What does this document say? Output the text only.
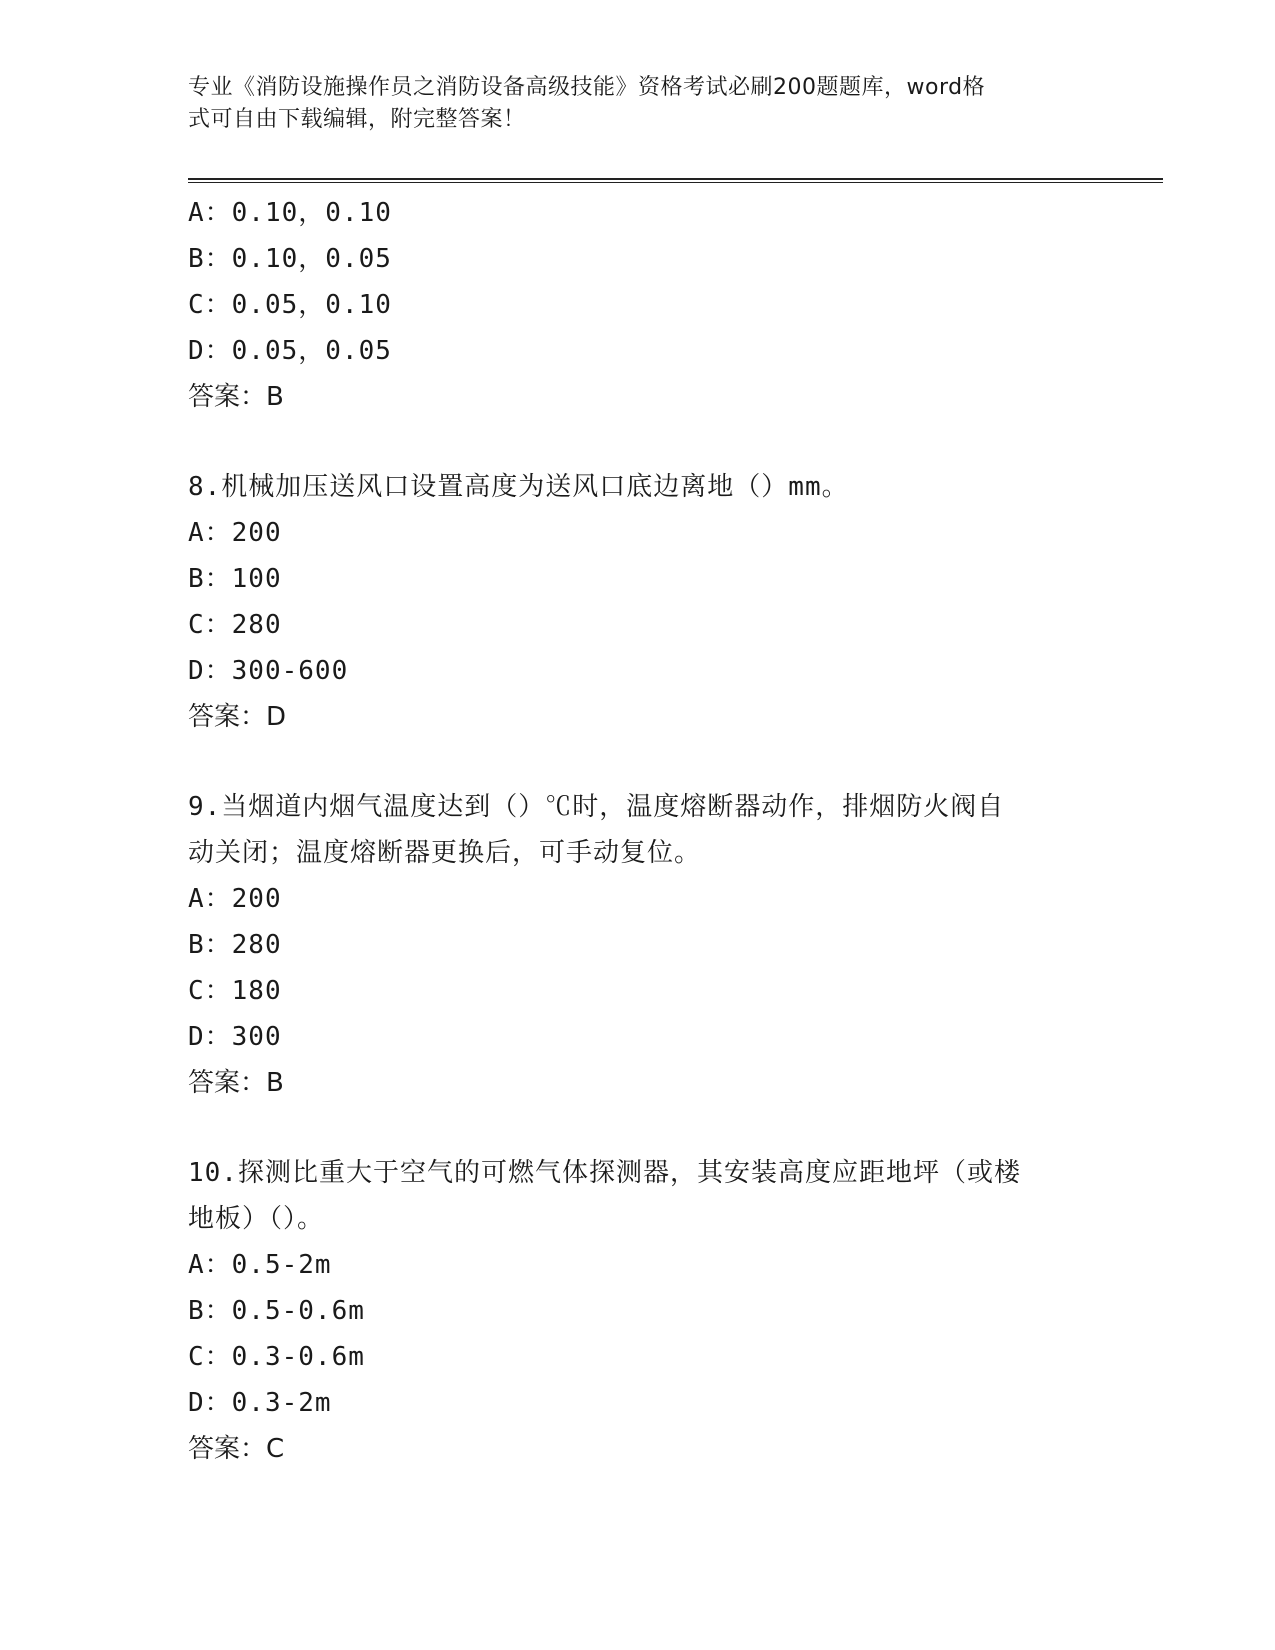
专业《消防设施操作员之消防设备高级技能》资格考试必刷200题题库，word格
式可自由下载编辑，附完整答案！
A：0.10，0.10
B：0.10，0.05
C：0.05，0.10
D：0.05，0.05
答案：B
8.机械加压送风口设置高度为送风口底边离地（）mm。
A：200
B：100
C：280
D：300-600
答案：D
9.当烟道内烟气温度达到（）℃时，温度熔断器动作，排烟防火阀自
动关闭；温度熔断器更换后，可手动复位。
A：200
B：280
C：180
D：300
答案：B
10.探测比重大于空气的可燃气体探测器，其安装高度应距地坪（或楼
地板）（）。
A：0.5-2m
B：0.5-0.6m
C：0.3-0.6m
D：0.3-2m
答案：C
